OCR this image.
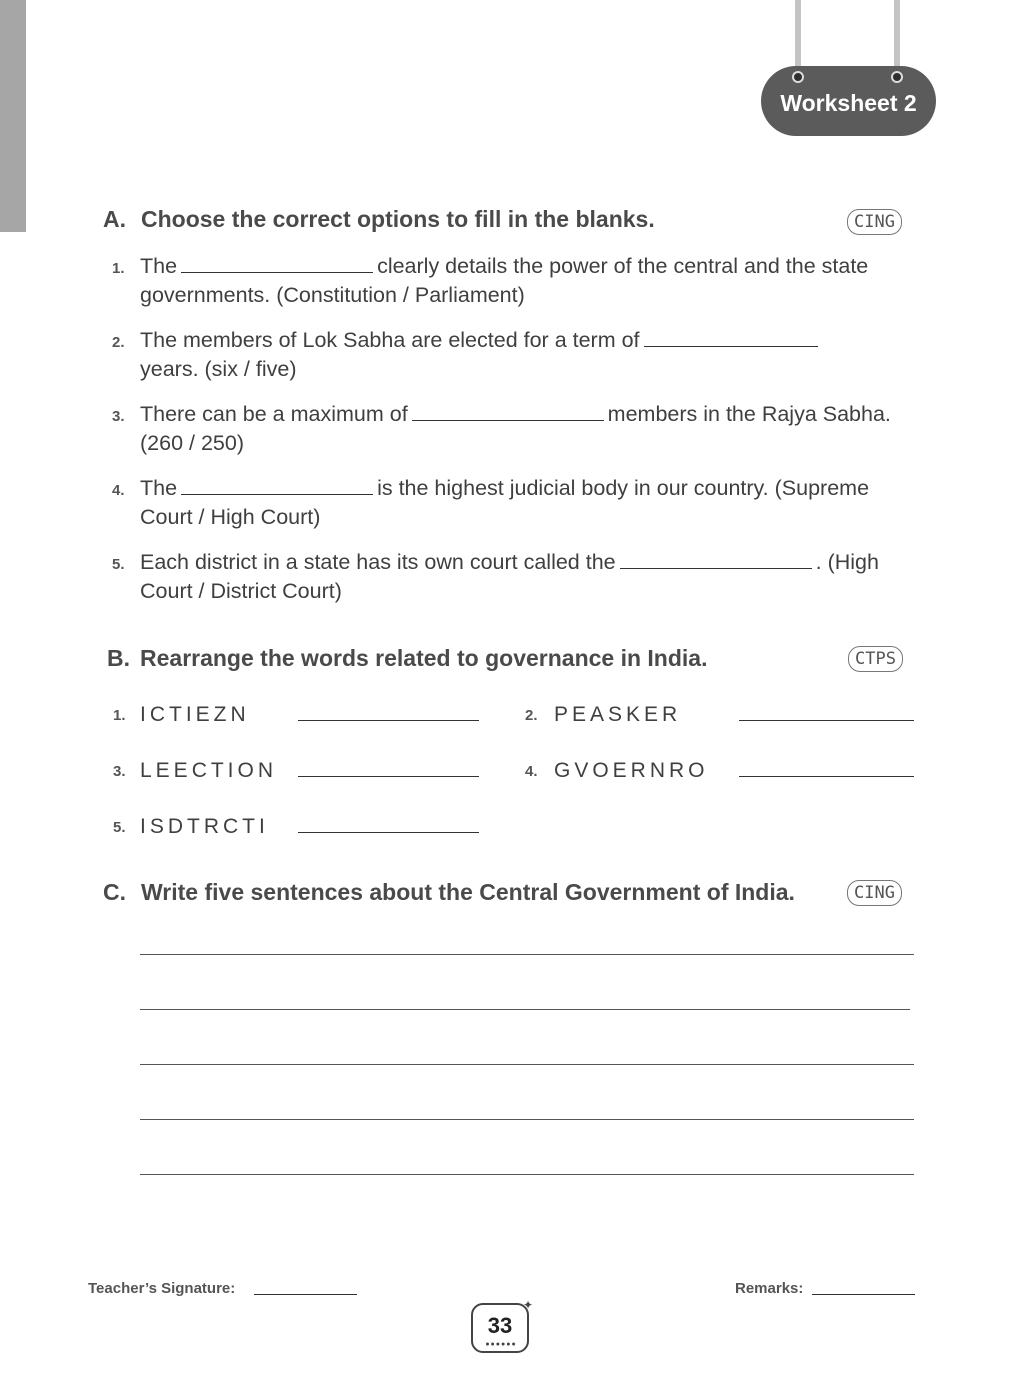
Worksheet 2
A. Choose the correct options to fill in the blanks.	CING
1. The	clearly details the power of the central and the state governments. (Constitution / Parliament)
2. The members of Lok Sabha are elected for a term of
years. (six / five)
3. There can be a maximum of	members in the Rajya Sabha. (260 / 250)
4. The	is the highest judicial body in our country. (Supreme Court / High Court)
5. Each district in a state has its own court called the	. (High Court / District Court)
B. Rearrange the words related to governance in India.	CTPS
1. ICTIEZN	2. PEASKER
3. LEECTION	4. GVOERNRO
5. ISDTRCTI
C. Write five sentences about the Central Government of India.	CING
Teacher’s Signature:	Remarks:
✦
33
●●●●●●
